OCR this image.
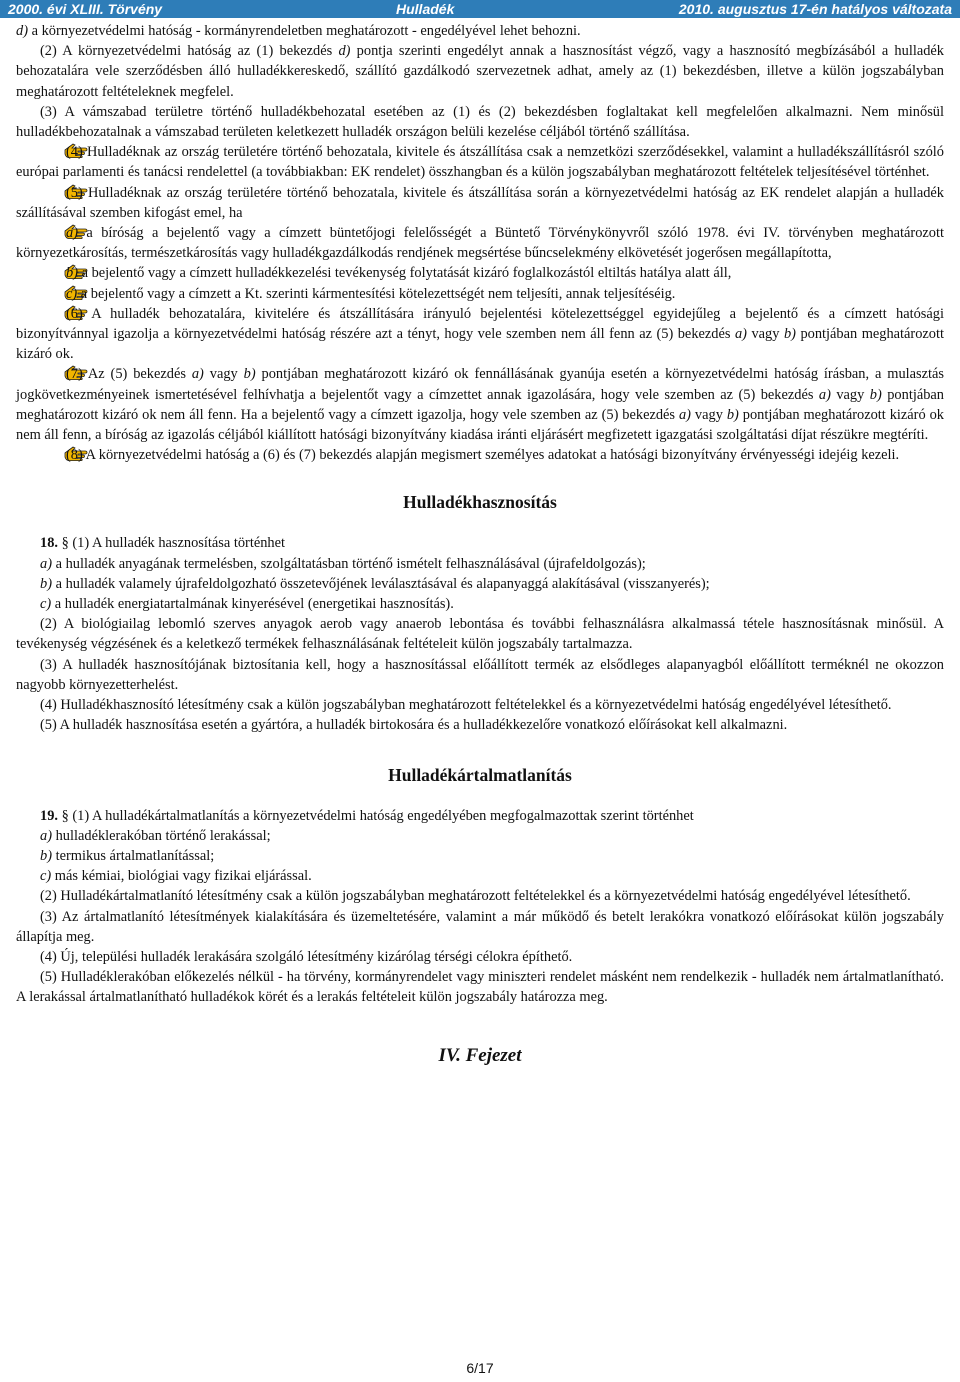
2000. évi XLIII. Törvény	Hulladék	2010. augusztus 17-én hatályos változata

d) a környezetvédelmi hatóság - kormányrendeletben meghatározott - engedélyével lehet behozni.

(2) A környezetvédelmi hatóság az (1) bekezdés d) pontja szerinti engedélyt annak a hasznosítást végző, vagy a hasznosító megbízásából a hulladék behozatalára vele szerződésben álló hulladékkereskedő, szállító gazdálkodó szervezetnek adhat, amely az (1) bekezdésben, illetve a külön jogszabályban meghatározott feltételeknek megfelel.

(3) A vámszabad területre történő hulladékbehozatal esetében az (1) és (2) bekezdésben foglaltakat kell megfelelően alkalmazni. Nem minősül hulladékbehozatalnak a vámszabad területen keletkezett hulladék országon belüli kezelése céljából történő szállítása.

(4) Hulladéknak az ország területére történő behozatala, kivitele és átszállítása csak a nemzetközi szerződésekkel, valamint a hulladékszállításról szóló európai parlamenti és tanácsi rendelettel (a továbbiakban: EK rendelet) összhangban és a külön jogszabályban meghatározott feltételek teljesítésével történhet.

(5) Hulladéknak az ország területére történő behozatala, kivitele és átszállítása során a környezetvédelmi hatóság az EK rendelet alapján a hulladék szállításával szemben kifogást emel, ha

a) a bíróság a bejelentő vagy a címzett büntetőjogi felelősségét a Büntető Törvénykönyvről szóló 1978. évi IV. törvényben meghatározott környezetkárosítás, természetkárosítás vagy hulladékgazdálkodás rendjének megsértése bűncselekmény elkövetését jogerősen megállapította,

b) a bejelentő vagy a címzett hulladékkezelési tevékenység folytatását kizáró foglalkozástól eltiltás hatálya alatt áll,

c) a bejelentő vagy a címzett a Kt. szerinti kármentesítési kötelezettségét nem teljesíti, annak teljesítéséig.

(6) A hulladék behozatalára, kivitelére és átszállítására irányuló bejelentési kötelezettséggel egyidejűleg a bejelentő és a címzett hatósági bizonyítvánnyal igazolja a környezetvédelmi hatóság részére azt a tényt, hogy vele szemben nem áll fenn az (5) bekezdés a) vagy b) pontjában meghatározott kizáró ok.

(7) Az (5) bekezdés a) vagy b) pontjában meghatározott kizáró ok fennállásának gyanúja esetén a környezetvédelmi hatóság írásban, a mulasztás jogkövetkezményeinek ismertetésével felhívhatja a bejelentőt vagy a címzettet annak igazolására, hogy vele szemben az (5) bekezdés a) vagy b) pontjában meghatározott kizáró ok nem áll fenn. Ha a bejelentő vagy a címzett igazolja, hogy vele szemben az (5) bekezdés a) vagy b) pontjában meghatározott kizáró ok nem áll fenn, a bíróság az igazolás céljából kiállított hatósági bizonyítvány kiadása iránti eljárásért megfizetett igazgatási szolgáltatási díjat részükre megtéríti.

(8) A környezetvédelmi hatóság a (6) és (7) bekezdés alapján megismert személyes adatokat a hatósági bizonyítvány érvényességi idejéig kezeli.

Hulladékhasznosítás

18. § (1) A hulladék hasznosítása történhet

a) a hulladék anyagának termelésben, szolgáltatásban történő ismételt felhasználásával (újrafeldolgozás);

b) a hulladék valamely újrafeldolgozható összetevőjének leválasztásával és alapanyaggá alakításával (visszanyerés);

c) a hulladék energiatartalmának kinyerésével (energetikai hasznosítás).

(2) A biológiailag lebomló szerves anyagok aerob vagy anaerob lebontása és további felhasználásra alkalmassá tétele hasznosításnak minősül. A tevékenység végzésének és a keletkező termékek felhasználásának feltételeit külön jogszabály tartalmazza.

(3) A hulladék hasznosítójának biztosítania kell, hogy a hasznosítással előállított termék az elsődleges alapanyagból előállított terméknél ne okozzon nagyobb környezetterhelést.

(4) Hulladékhasznosító létesítmény csak a külön jogszabályban meghatározott feltételekkel és a környezetvédelmi hatóság engedélyével létesíthető.

(5) A hulladék hasznosítása esetén a gyártóra, a hulladék birtokosára és a hulladékkezelőre vonatkozó előírásokat kell alkalmazni.

Hulladékártalmatlanítás

19. § (1) A hulladékártalmatlanítás a környezetvédelmi hatóság engedélyében megfogalmazottak szerint történhet

a) hulladéklerakóban történő lerakással;

b) termikus ártalmatlanítással;

c) más kémiai, biológiai vagy fizikai eljárással.

(2) Hulladékártalmatlanító létesítmény csak a külön jogszabályban meghatározott feltételekkel és a környezetvédelmi hatóság engedélyével létesíthető.

(3) Az ártalmatlanító létesítmények kialakítására és üzemeltetésére, valamint a már működő és betelt lerakókra vonatkozó előírásokat külön jogszabály állapítja meg.

(4) Új, települési hulladék lerakására szolgáló létesítmény kizárólag térségi célokra építhető.

(5) Hulladéklerakóban előkezelés nélkül - ha törvény, kormányrendelet vagy miniszteri rendelet másként nem rendelkezik - hulladék nem ártalmatlanítható. A lerakással ártalmatlanítható hulladékok körét és a lerakás feltételeit külön jogszabály határozza meg.

IV. Fejezet
6/17
